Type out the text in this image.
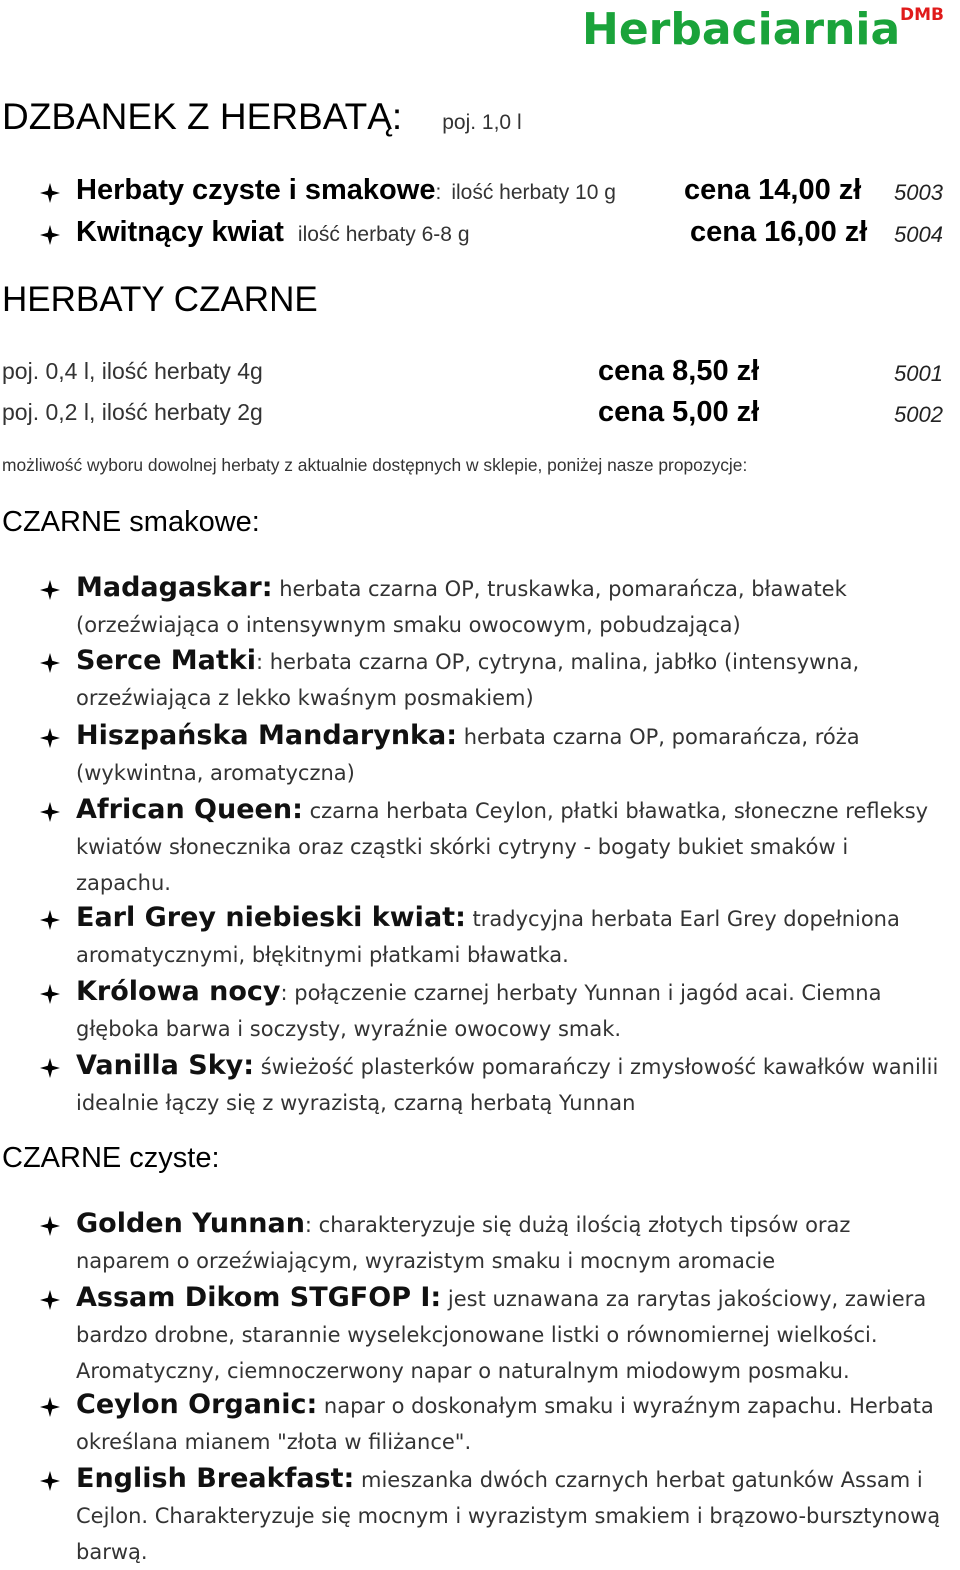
Herbaciarnia DMB
DZBANEK Z HERBATĄ: poj. 1,0 l
Herbaty czyste i smakowe: ilość herbaty 10 g cena 14,00 zł 5003
Kwitnący kwiat ilość herbaty 6-8 g	cena 16,00 zł 5004
HERBATY CZARNE
poj. 0,4 l, ilość herbaty 4g	cena 8,50 zł	5001
poj. 0,2 l, ilość herbaty 2g	cena 5,00 zł	5002
możliwość wyboru dowolnej herbaty z aktualnie dostępnych w sklepie, poniżej nasze propozycje:
CZARNE smakowe:
Madagaskar: herbata czarna OP, truskawka, pomarańcza, bławatek (orzeźwiająca o intensywnym smaku owocowym, pobudzająca)
Serce Matki: herbata czarna OP, cytryna, malina, jabłko (intensywna, orzeźwiająca z lekko kwaśnym posmakiem)
Hiszpańska Mandarynka: herbata czarna OP, pomarańcza, róża (wykwintna, aromatyczna)
African Queen: czarna herbata Ceylon, płatki bławatka, słoneczne refleksy kwiatów słonecznika oraz cząstki skórki cytryny - bogaty bukiet smaków i zapachu.
Earl Grey niebieski kwiat: tradycyjna herbata Earl Grey dopełniona aromatycznymi, błękitnymi płatkami bławatka.
Królowa nocy: połączenie czarnej herbaty Yunnan i jagód acai. Ciemna głęboka barwa i soczysty, wyraźnie owocowy smak.
Vanilla Sky: świeżość plasterków pomarańczy i zmysłowość kawałków wanilii idealnie łączy się z wyrazistą, czarną herbatą Yunnan
CZARNE czyste:
Golden Yunnan: charakteryzuje się dużą ilością złotych tipsów oraz naparem o orzeźwiającym, wyrazistym smaku i mocnym aromacie
Assam Dikom STGFOP I: jest uznawana za rarytas jakościowy, zawiera bardzo drobne, starannie wyselekcjonowane listki o równomiernej wielkości. Aromatyczny, ciemnoczerwony napar o naturalnym miodowym posmaku.
Ceylon Organic: napar o doskonałym smaku i wyraźnym zapachu. Herbata określana mianem "złota w filiżance".
English Breakfast: mieszanka dwóch czarnych herbat gatunków Assam i Cejlon. Charakteryzuje się mocnym i wyrazistym smakiem i brązowo-bursztynową barwą.
